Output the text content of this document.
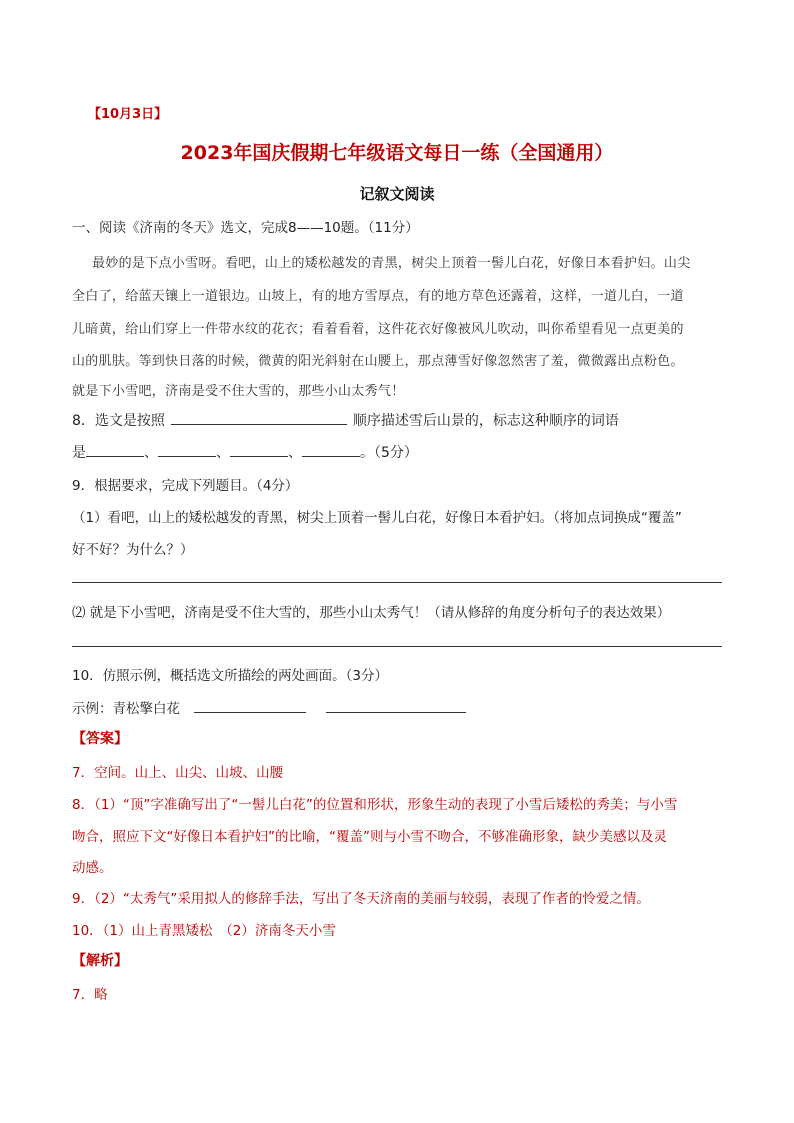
【10月3日】
2023年国庆假期七年级语文每日一练（全国通用）
记叙文阅读
一、阅读《济南的冬天》选文，完成8——10题。（11分）
最妙的是下点小雪呀。看吧，山上的矮松越发的青黑，树尖上顶着一髻儿白花，好像日本看护妇。山尖
全白了，给蓝天镶上一道银边。山坡上，有的地方雪厚点，有的地方草色还露着，这样，一道儿白，一道
儿暗黄，给山们穿上一件带水纹的花衣；看着看着，这件花衣好像被风儿吹动，叫你希望看见一点更美的
山的肌肤。等到快日落的时候，微黄的阳光斜射在山腰上，那点薄雪好像忽然害了羞，微微露出点粉色。
就是下小雪吧，济南是受不住大雪的，那些小山太秀气！
8．选文是按照	顺序描述雪后山景的，标志这种顺序的词语
是	、	、	、	。（5分）
9．根据要求，完成下列题目。（4分）
（1）看吧，山上的矮松越发的青黑，树尖上顶着一髻儿白花，好像日本看护妇。（将加点词换成“覆盖”
好不好？为什么？）
⑵ 就是下小雪吧，济南是受不住大雪的，那些小山太秀气！（请从修辞的角度分析句子的表达效果）
10．仿照示例，概括选文所描绘的两处画面。（3分）
示例：青松擎白花
【答案】
7．空间。山上、山尖、山坡、山腰
8．（1）“顶”字准确写出了“一髻儿白花”的位置和形状，形象生动的表现了小雪后矮松的秀美；与小雪
吻合，照应下文“好像日本看护妇”的比喻，“覆盖”则与小雪不吻合，不够准确形象，缺少美感以及灵
动感。
9．（2）“太秀气”采用拟人的修辞手法，写出了冬天济南的美丽与较弱，表现了作者的怜爱之情。
10．（1）山上青黑矮松　（2）济南冬天小雪
【解析】
7．略
